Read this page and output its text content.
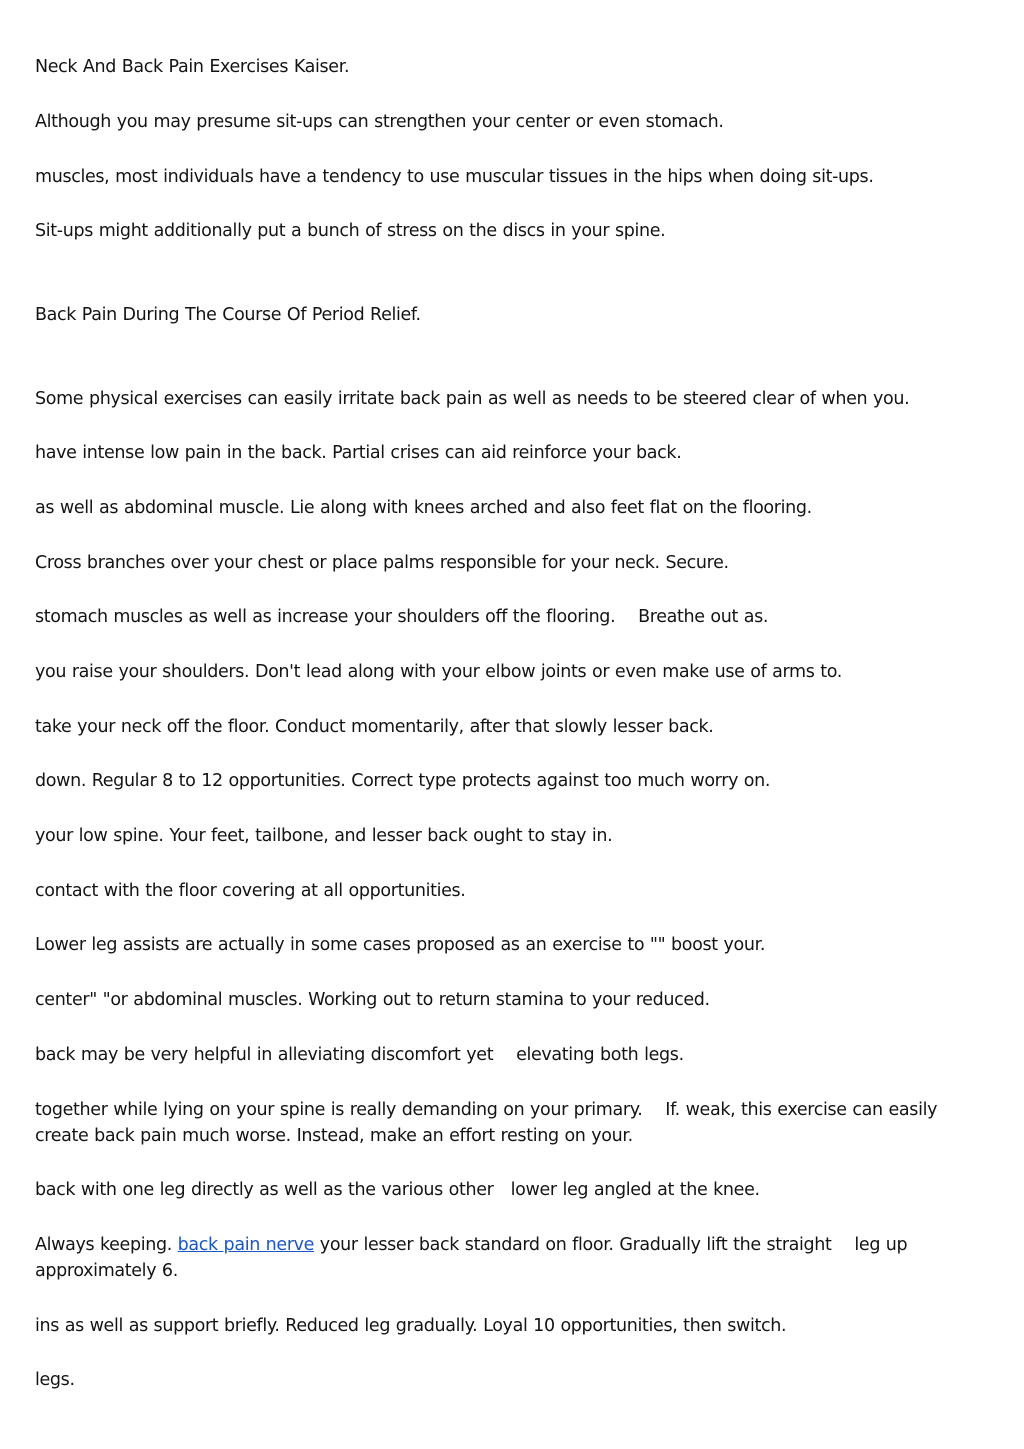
Neck And Back Pain Exercises Kaiser.
Although you may presume sit-ups can strengthen your center or even stomach.
muscles, most individuals have a tendency to use muscular tissues in the hips when doing sit-ups.
Sit-ups might additionally put a bunch of stress on the discs in your spine.
Back Pain During The Course Of Period Relief.
Some physical exercises can easily irritate back pain as well as needs to be steered clear of when you.
have intense low pain in the back. Partial crises can aid reinforce your back.
as well as abdominal muscle. Lie along with knees arched and also feet flat on the flooring.
Cross branches over your chest or place palms responsible for your neck. Secure.
stomach muscles as well as increase your shoulders off the flooring.    Breathe out as.
you raise your shoulders. Don't lead along with your elbow joints or even make use of arms to.
take your neck off the floor. Conduct momentarily, after that slowly lesser back.
down. Regular 8 to 12 opportunities. Correct type protects against too much worry on.
your low spine. Your feet, tailbone, and lesser back ought to stay in.
contact with the floor covering at all opportunities.
Lower leg assists are actually in some cases proposed as an exercise to "" boost your.
center" "or abdominal muscles. Working out to return stamina to your reduced.
back may be very helpful in alleviating discomfort yet    elevating both legs.
together while lying on your spine is really demanding on your primary.    If. weak, this exercise can easily create back pain much worse. Instead, make an effort resting on your.
back with one leg directly as well as the various other   lower leg angled at the knee.
Always keeping. back pain nerve your lesser back standard on floor. Gradually lift the straight    leg up approximately 6.
ins as well as support briefly. Reduced leg gradually. Loyal 10 opportunities, then switch.
legs.
